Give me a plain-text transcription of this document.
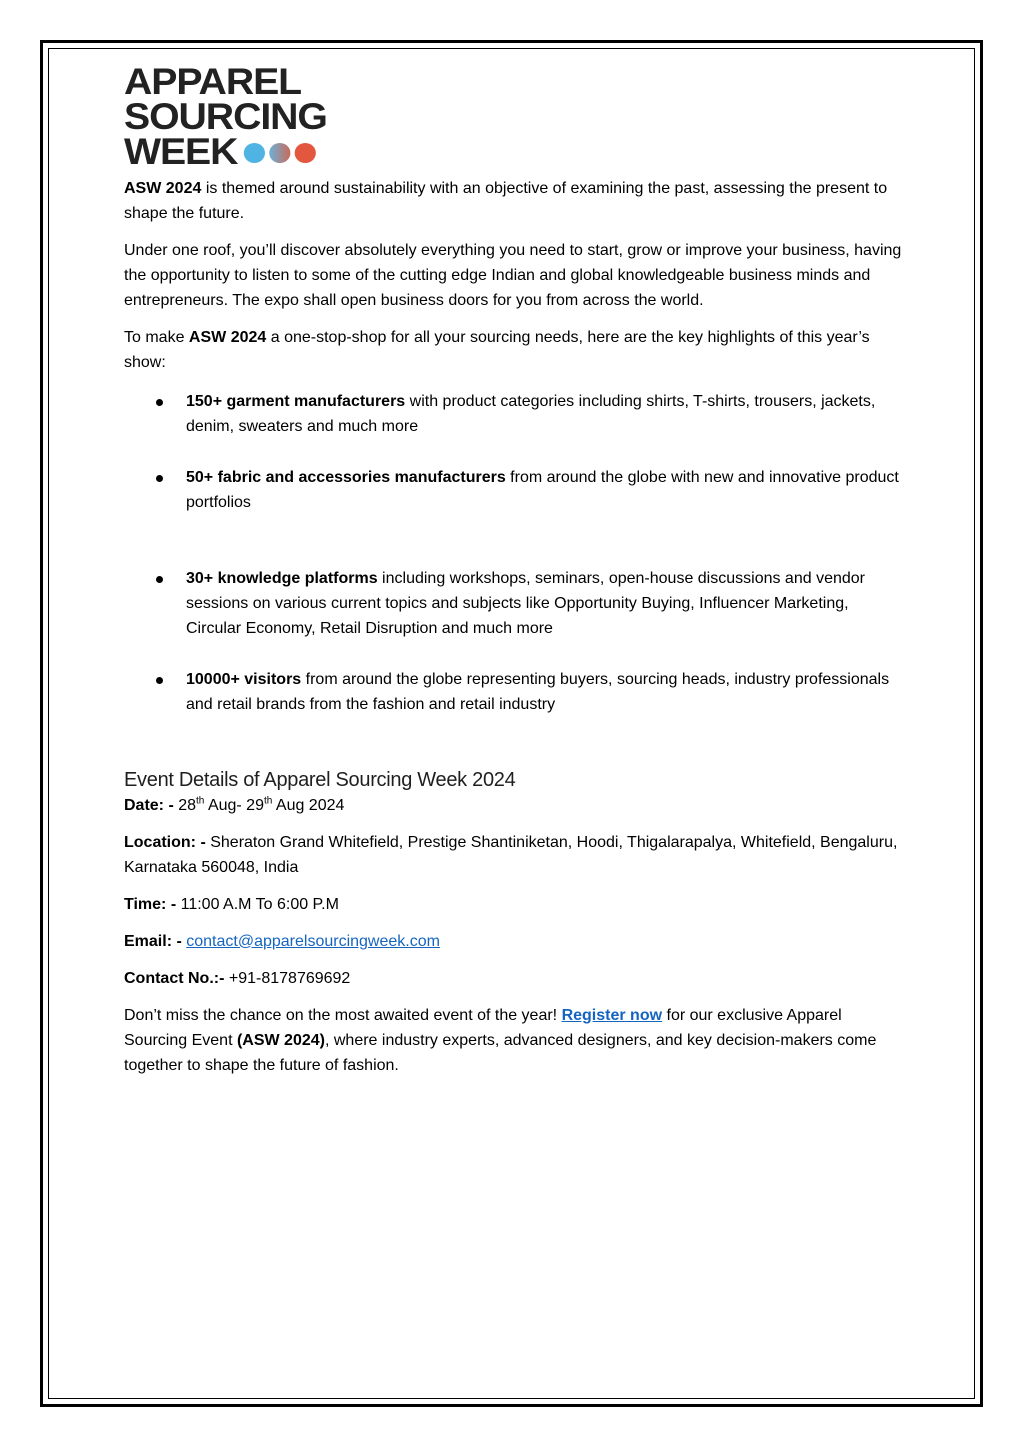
APPAREL
SOURCING
WEEK

ASW 2024 is themed around sustainability with an objective of examining the past, assessing the present to shape the future.

Under one roof, you’ll discover absolutely everything you need to start, grow or improve your business, having the opportunity to listen to some of the cutting edge Indian and global knowledgeable business minds and entrepreneurs. The expo shall open business doors for you from across the world.

To make ASW 2024 a one-stop-shop for all your sourcing needs, here are the key highlights of this year’s show:

150+ garment manufacturers with product categories including shirts, T-shirts, trousers, jackets, denim, sweaters and much more
50+ fabric and accessories manufacturers from around the globe with new and innovative product portfolios
30+ knowledge platforms including workshops, seminars, open-house discussions and vendor sessions on various current topics and subjects like Opportunity Buying, Influencer Marketing, Circular Economy, Retail Disruption and much more
10000+ visitors from around the globe representing buyers, sourcing heads, industry professionals and retail brands from the fashion and retail industry
Event Details of Apparel Sourcing Week 2024

Date: - 28th Aug- 29th Aug 2024

Location: - Sheraton Grand Whitefield, Prestige Shantiniketan, Hoodi, Thigalarapalya, Whitefield, Bengaluru, Karnataka 560048, India

Time: - 11:00 A.M To 6:00 P.M

Email: - contact@apparelsourcingweek.com

Contact No.:- +91-8178769692

Don’t miss the chance on the most awaited event of the year! Register now for our exclusive Apparel Sourcing Event (ASW 2024), where industry experts, advanced designers, and key decision-makers come together to shape the future of fashion.
